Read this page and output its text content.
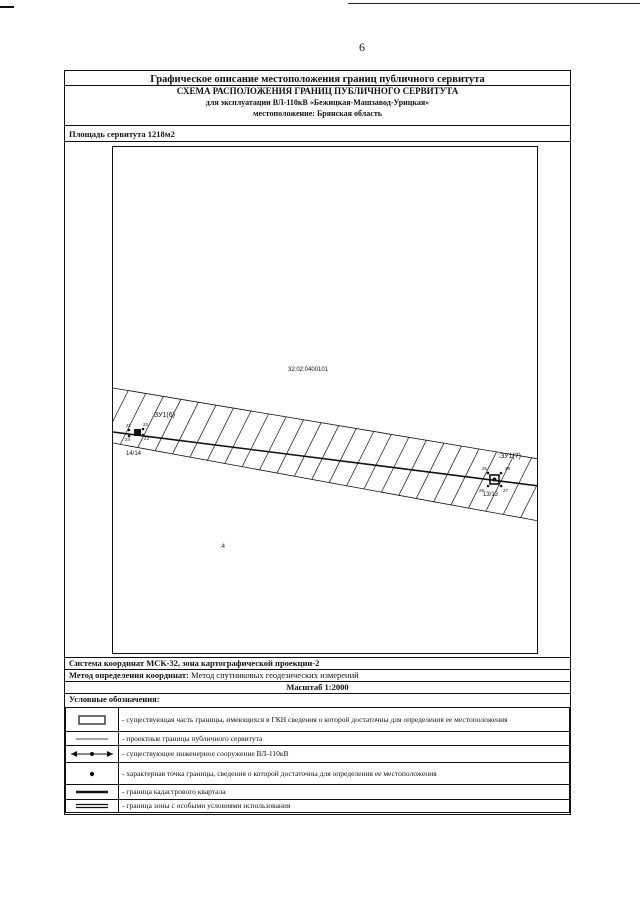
6
Графическое описание местоположения границ публичного сервитута
СХЕМА РАСПОЛОЖЕНИЯ ГРАНИЦ ПУБЛИЧНОГО СЕРВИТУТА
для эксплуатации ВЛ-110кВ «Бежицкая-Машзавод-Урицкая»
местоположение: Брянская область
Площадь сервитута 1218м2
32:02:0400101
:ЗУ1(6)
:ЗУ1(7)
:4
14/14
13/13
21	22
23
24
25	26
27
28
Система координат МСК-32, зона картографической проекции-2
Метод определения координат: Метод спутниковых геодезических измерений
Масштаб 1:2000
Условные обозначения:
	- существующая часть границы, имеющихся в ГКН сведения о которой достаточны для определения ее местоположения

	- проектные границы публичного сервитута

	- существующее инженерное сооружение ВЛ-110кВ

	- характерная точка границы, сведения о которой достаточны для определения ее местоположения

	- граница кадастрового квартала

	- граница зоны с особыми условиями использования
